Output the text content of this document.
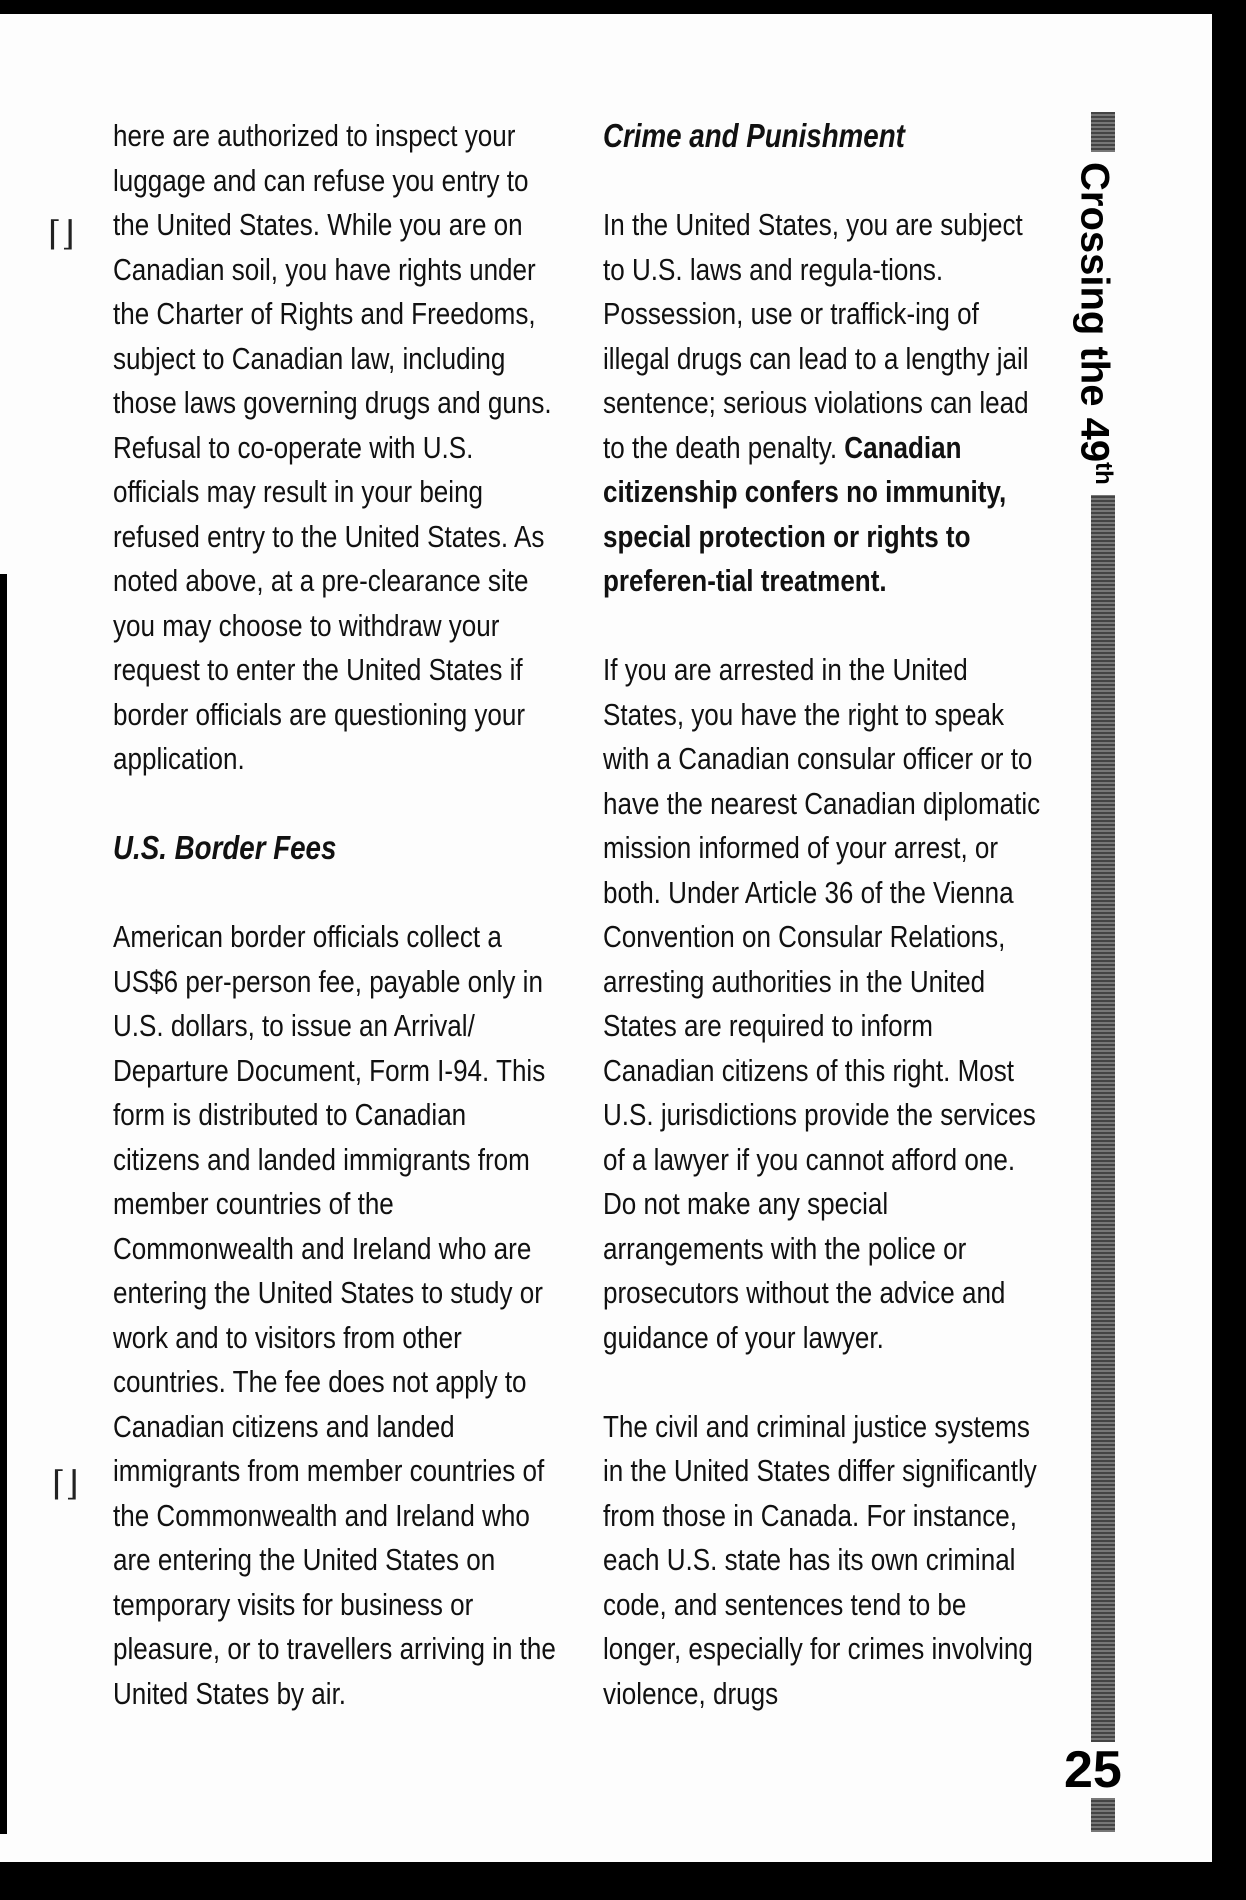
⌈⌋
⌈⌋

here are authorized to inspect your luggage and can refuse you entry to the United States. While you are on Canadian soil, you have rights under the Charter of Rights and Freedoms, subject to Canadian law, including those laws governing drugs and guns. Refusal to co-operate with U.S. officials may result in your being refused entry to the United States. As noted above, at a pre-clearance site you may choose to withdraw your request to enter the United States if border officials are questioning your application.

U.S. Border Fees

American border officials collect a US$6 per-person fee, payable only in U.S. dollars, to issue an Arrival/ Departure Document, Form I-94. This form is distributed to Canadian citizens and landed immigrants from member countries of the Commonwealth and Ireland who are entering the United States to study or work and to visitors from other countries. The fee does not apply to Canadian citizens and landed immigrants from member countries of the Commonwealth and Ireland who are entering the United States on temporary visits for business or pleasure, or to travellers arriving in the United States by air.

Crime and Punishment

In the United States, you are subject to U.S. laws and regula-tions. Possession, use or traffick-ing of illegal drugs can lead to a lengthy jail sentence; serious violations can lead to the death penalty. Canadian citizenship confers no immunity, special protection or rights to preferen-tial treatment.

If you are arrested in the United States, you have the right to speak with a Canadian consular officer or to have the nearest Canadian diplomatic mission informed of your arrest, or both. Under Article 36 of the Vienna Convention on Consular Relations, arresting authorities in the United States are required to inform Canadian citizens of this right. Most U.S. jurisdictions provide the services of a lawyer if you cannot afford one. Do not make any special arrangements with the police or prosecutors without the advice and guidance of your lawyer.

The civil and criminal justice systems in the United States differ significantly from those in Canada. For instance, each U.S. state has its own criminal code, and sentences tend to be longer, especially for crimes involving violence, drugs

Crossing the 49th
25
